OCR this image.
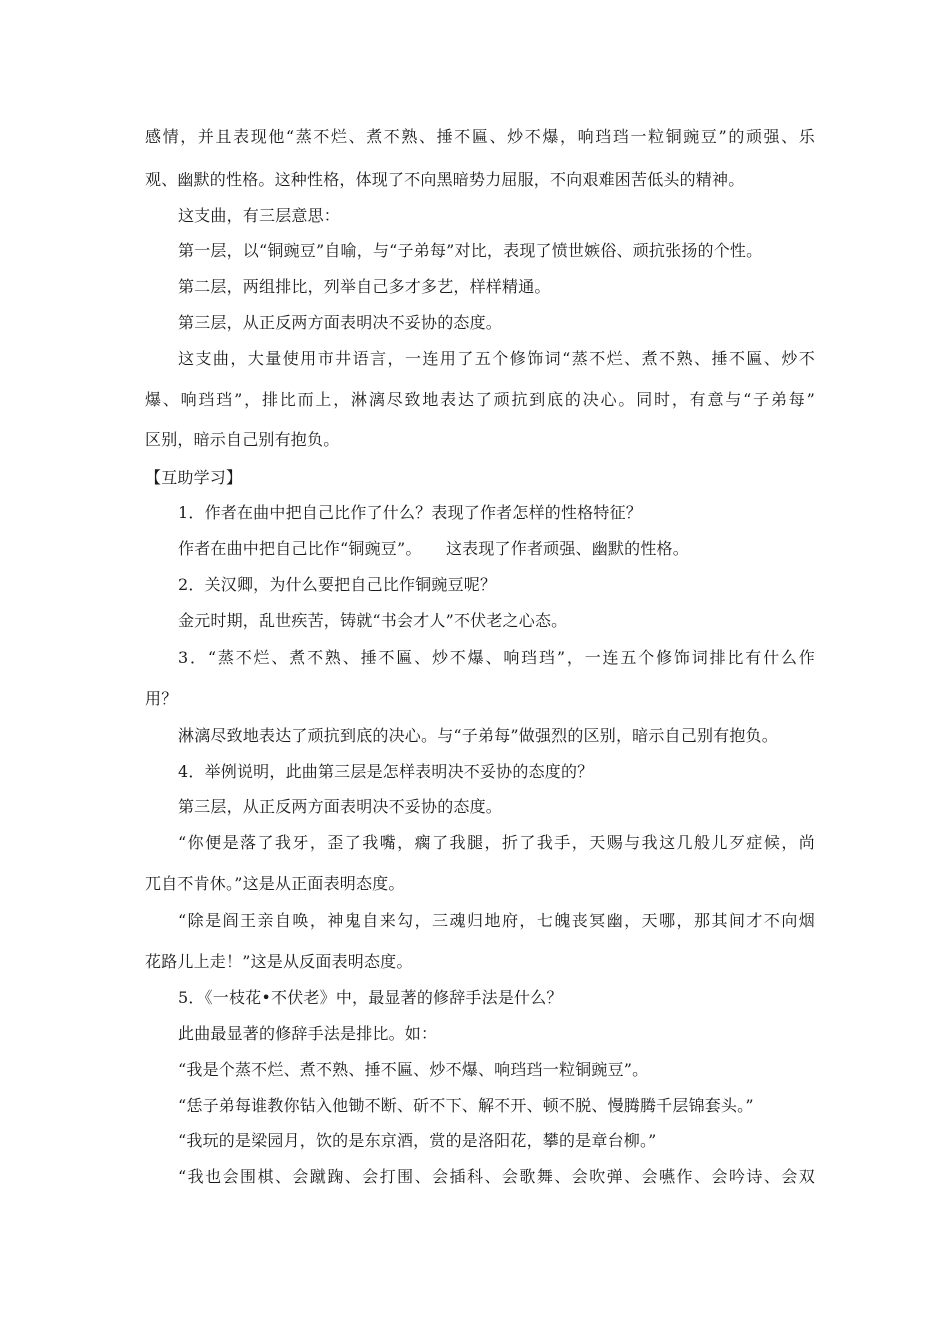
感情，并且表现他“蒸不烂、煮不熟、捶不匾、炒不爆，响珰珰一粒铜豌豆”的顽强、乐
观、幽默的性格。这种性格，体现了不向黑暗势力屈服，不向艰难困苦低头的精神。
这支曲，有三层意思：
第一层，以“铜豌豆”自喻，与“子弟每”对比，表现了愤世嫉俗、顽抗张扬的个性。
第二层，两组排比，列举自己多才多艺，样样精通。
第三层，从正反两方面表明决不妥协的态度。
这支曲，大量使用市井语言，一连用了五个修饰词“蒸不烂、煮不熟、捶不匾、炒不
爆、响珰珰”，排比而上，淋漓尽致地表达了顽抗到底的决心。同时，有意与“子弟每”
区别，暗示自己别有抱负。
【互助学习】
1．作者在曲中把自己比作了什么？表现了作者怎样的性格特征？
作者在曲中把自己比作“铜豌豆”。　　这表现了作者顽强、幽默的性格。
2．关汉卿，为什么要把自己比作铜豌豆呢？
金元时期，乱世疾苦，铸就“书会才人”不伏老之心态。
3．“蒸不烂、煮不熟、捶不匾、炒不爆、响珰珰”，一连五个修饰词排比有什么作
用？
淋漓尽致地表达了顽抗到底的决心。与“子弟每”做强烈的区别，暗示自己别有抱负。
4．举例说明，此曲第三层是怎样表明决不妥协的态度的？
第三层，从正反两方面表明决不妥协的态度。
“你便是落了我牙，歪了我嘴，瘸了我腿，折了我手，天赐与我这几般儿歹症候，尚
兀自不肯休。”这是从正面表明态度。
“除是阎王亲自唤，神鬼自来勾，三魂归地府，七魄丧冥幽，天哪，那其间才不向烟
花路儿上走！”这是从反面表明态度。
5．《一枝花•不伏老》中，最显著的修辞手法是什么？
此曲最显著的修辞手法是排比。如：
“我是个蒸不烂、煮不熟、捶不匾、炒不爆、响珰珰一粒铜豌豆”。
“恁子弟每谁教你钻入他锄不断、斫不下、解不开、顿不脱、慢腾腾千层锦套头。”
“我玩的是梁园月，饮的是东京酒，赏的是洛阳花，攀的是章台柳。”
“我也会围棋、会蹴踘、会打围、会插科、会歌舞、会吹弹、会嚥作、会吟诗、会双
